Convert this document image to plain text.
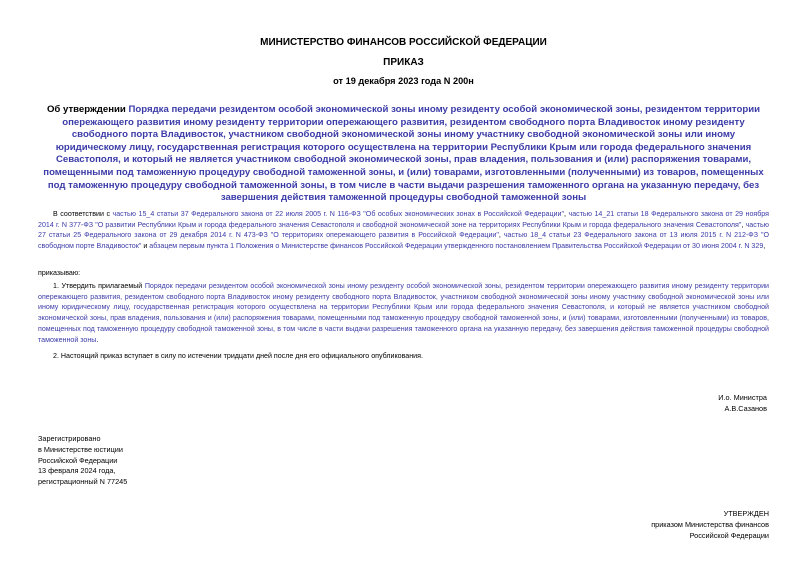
МИНИСТЕРСТВО ФИНАНСОВ РОССИЙСКОЙ ФЕДЕРАЦИИ
ПРИКАЗ
от 19 декабря 2023 года N 200н
Об утверждении Порядка передачи резидентом особой экономической зоны иному резиденту особой экономической зоны, резидентом территории опережающего развития иному резиденту территории опережающего развития, резидентом свободного порта Владивосток иному резиденту свободного порта Владивосток, участником свободной экономической зоны иному участнику свободной экономической зоны или иному юридическому лицу, государственная регистрация которого осуществлена на территории Республики Крым или города федерального значения Севастополя, и который не является участником свободной экономической зоны, прав владения, пользования и (или) распоряжения товарами, помещенными под таможенную процедуру свободной таможенной зоны, и (или) товарами, изготовленными (полученными) из товаров, помещенных под таможенную процедуру свободной таможенной зоны, в том числе в части выдачи разрешения таможенного органа на указанную передачу, без завершения действия таможенной процедуры свободной таможенной зоны
В соответствии с частью 15_4 статьи 37 Федерального закона от 22 июля 2005 г. N 116-ФЗ "Об особых экономических зонах в Российской Федерации", частью 14_21 статьи 18 Федерального закона от 29 ноября 2014 г. N 377-ФЗ "О развитии Республики Крым и города федерального значения Севастополя и свободной экономической зоне на территориях Республики Крым и города федерального значения Севастополя", частью 27 статьи 25 Федерального закона от 29 декабря 2014 г. N 473-ФЗ "О территориях опережающего развития в Российской Федерации", частью 18_4 статьи 23 Федерального закона от 13 июля 2015 г. N 212-ФЗ "О свободном порте Владивосток" и абзацем первым пункта 1 Положения о Министерстве финансов Российской Федерации утвержденного постановлением Правительства Российской Федерации от 30 июня 2004 г. N 329,
приказываю:
1. Утвердить прилагаемый Порядок передачи резидентом особой экономической зоны иному резиденту особой экономической зоны, резидентом территории опережающего развития иному резиденту территории опережающего развития, резидентом свободного порта Владивосток иному резиденту свободного порта Владивосток, участником свободной экономической зоны иному участнику свободной экономической зоны или иному юридическому лицу, государственная регистрация которого осуществлена на территории Республики Крым или города федерального значения Севастополя, и который не является участником свободной экономической зоны, прав владения, пользования и (или) распоряжения товарами, помещенными под таможенную процедуру свободной таможенной зоны, и (или) товарами, изготовленными (полученными) из товаров, помещенных под таможенную процедуру свободной таможенной зоны, в том числе в части выдачи разрешения таможенного органа на указанную передачу, без завершения действия таможенной процедуры свободной таможенной зоны.
2. Настоящий приказ вступает в силу по истечении тридцати дней после дня его официального опубликования.
И.о. Министра
А.В.Сазанов
Зарегистрировано
в Министерстве юстиции
Российской Федерации
13 февраля 2024 года,
регистрационный N 77245
УТВЕРЖДЕН
приказом Министерства финансов
Российской Федерации
